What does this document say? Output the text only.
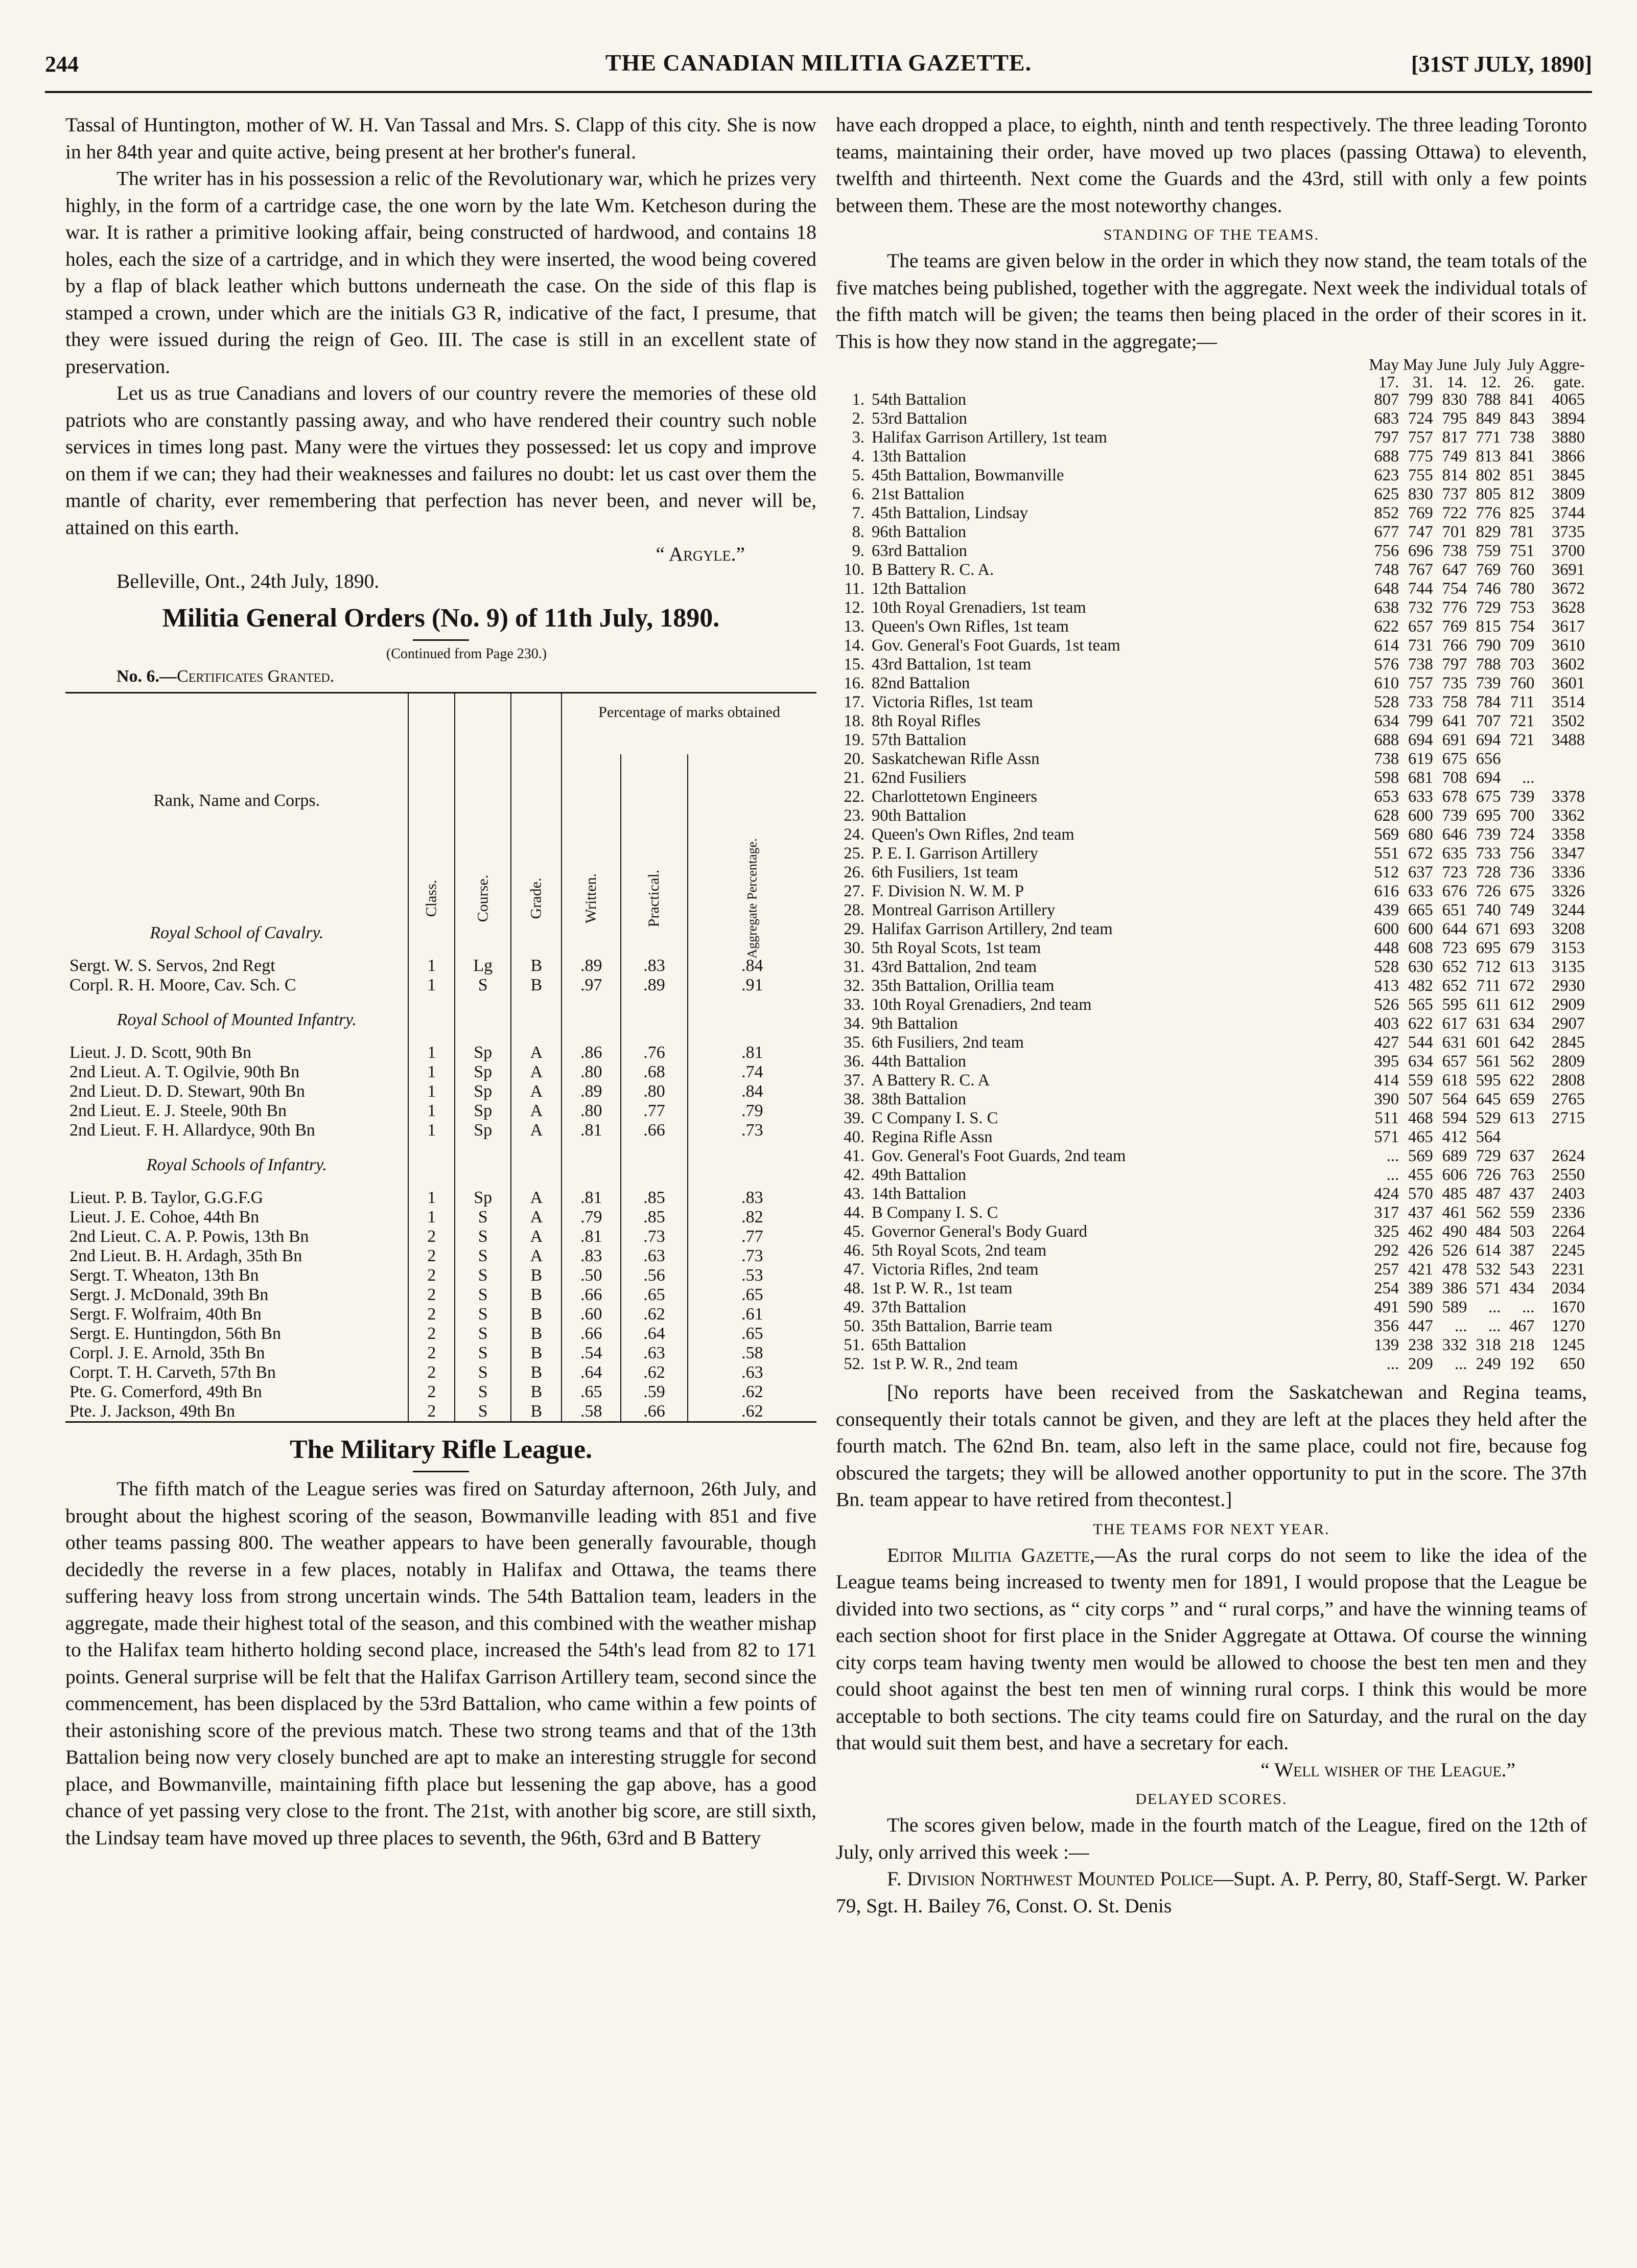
244	THE CANADIAN MILITIA GAZETTE.	[31ST JULY, 1890]

Tassal of Huntington, mother of W. H. Van Tassal and Mrs. S. Clapp of this city. She is now in her 84th year and quite active, being present at her brother's funeral.

The writer has in his possession a relic of the Revolutionary war, which he prizes very highly, in the form of a cartridge case, the one worn by the late Wm. Ketcheson during the war. It is rather a primitive looking affair, being constructed of hardwood, and contains 18 holes, each the size of a cartridge, and in which they were inserted, the wood being covered by a flap of black leather which buttons underneath the case. On the side of this flap is stamped a crown, under which are the initials G3 R, indicative of the fact, I presume, that they were issued during the reign of Geo. III. The case is still in an excellent state of preservation.

Let us as true Canadians and lovers of our country revere the memories of these old patriots who are constantly passing away, and who have rendered their country such noble services in times long past. Many were the virtues they possessed: let us copy and improve on them if we can; they had their weaknesses and failures no doubt: let us cast over them the mantle of charity, ever remembering that perfection has never been, and never will be, attained on this earth.

“ Argyle.”

Belleville, Ont., 24th July, 1890.

Militia General Orders (No. 9) of 11th July, 1890.

(Continued from Page 230.)

No. 6.—Certificates Granted.

Rank, Name and Corps.	Class.	Course.	Grade.	Percentage of marks obtained		
				Written.	Practical.	Aggregate Percentage.
Royal School of Cavalry.						
Sergt. W. S. Servos, 2nd Regt	1	Lg	B	.89	.83	.84
Corpl. R. H. Moore, Cav. Sch. C	1	S	B	.97	.89	.91
Royal School of Mounted Infantry.						
Lieut. J. D. Scott, 90th Bn	1	Sp	A	.86	.76	.81
2nd Lieut. A. T. Ogilvie, 90th Bn	1	Sp	A	.80	.68	.74
2nd Lieut. D. D. Stewart, 90th Bn	1	Sp	A	.89	.80	.84
2nd Lieut. E. J. Steele, 90th Bn	1	Sp	A	.80	.77	.79
2nd Lieut. F. H. Allardyce, 90th Bn	1	Sp	A	.81	.66	.73
Royal Schools of Infantry.						
Lieut. P. B. Taylor, G.G.F.G	1	Sp	A	.81	.85	.83
Lieut. J. E. Cohoe, 44th Bn	1	S	A	.79	.85	.82
2nd Lieut. C. A. P. Powis, 13th Bn	2	S	A	.81	.73	.77
2nd Lieut. B. H. Ardagh, 35th Bn	2	S	A	.83	.63	.73
Sergt. T. Wheaton, 13th Bn	2	S	B	.50	.56	.53
Sergt. J. McDonald, 39th Bn	2	S	B	.66	.65	.65
Sergt. F. Wolfraim, 40th Bn	2	S	B	.60	.62	.61
Sergt. E. Huntingdon, 56th Bn	2	S	B	.66	.64	.65
Corpl. J. E. Arnold, 35th Bn	2	S	B	.54	.63	.58
Corpt. T. H. Carveth, 57th Bn	2	S	B	.64	.62	.63
Pte. G. Comerford, 49th Bn	2	S	B	.65	.59	.62
Pte. J. Jackson, 49th Bn	2	S	B	.58	.66	.62
The Military Rifle League.

The fifth match of the League series was fired on Saturday afternoon, 26th July, and brought about the highest scoring of the season, Bowmanville leading with 851 and five other teams passing 800. The weather appears to have been generally favourable, though decidedly the reverse in a few places, notably in Halifax and Ottawa, the teams there suffering heavy loss from strong uncertain winds. The 54th Battalion team, leaders in the aggregate, made their highest total of the season, and this combined with the weather mishap to the Halifax team hitherto holding second place, increased the 54th's lead from 82 to 171 points. General surprise will be felt that the Halifax Garrison Artillery team, second since the commencement, has been displaced by the 53rd Battalion, who came within a few points of their astonishing score of the previous match. These two strong teams and that of the 13th Battalion being now very closely bunched are apt to make an interesting struggle for second place, and Bowmanville, maintaining fifth place but lessening the gap above, has a good chance of yet passing very close to the front. The 21st, with another big score, are still sixth, the Lindsay team have moved up three places to seventh, the 96th, 63rd and B Battery

have each dropped a place, to eighth, ninth and tenth respectively. The three leading Toronto teams, maintaining their order, have moved up two places (passing Ottawa) to eleventh, twelfth and thirteenth. Next come the Guards and the 43rd, still with only a few points between them. These are the most noteworthy changes.

STANDING OF THE TEAMS.

The teams are given below in the order in which they now stand, the team totals of the five matches being published, together with the aggregate. Next week the individual totals of the fifth match will be given; the teams then being placed in the order of their scores in it. This is how they now stand in the aggregate;—

		May	May	June	July	July	Aggre-
		17.	31.	14.	12.	26.	gate.
1.	54th Battalion	807	799	830	788	841	4065
2.	53rd Battalion	683	724	795	849	843	3894
3.	Halifax Garrison Artillery, 1st team	797	757	817	771	738	3880
4.	13th Battalion	688	775	749	813	841	3866
5.	45th Battalion, Bowmanville	623	755	814	802	851	3845
6.	21st Battalion	625	830	737	805	812	3809
7.	45th Battalion, Lindsay	852	769	722	776	825	3744
8.	96th Battalion	677	747	701	829	781	3735
9.	63rd Battalion	756	696	738	759	751	3700
10.	B Battery R. C. A.	748	767	647	769	760	3691
11.	12th Battalion	648	744	754	746	780	3672
12.	10th Royal Grenadiers, 1st team	638	732	776	729	753	3628
13.	Queen's Own Rifles, 1st team	622	657	769	815	754	3617
14.	Gov. General's Foot Guards, 1st team	614	731	766	790	709	3610
15.	43rd Battalion, 1st team	576	738	797	788	703	3602
16.	82nd Battalion	610	757	735	739	760	3601
17.	Victoria Rifles, 1st team	528	733	758	784	711	3514
18.	8th Royal Rifles	634	799	641	707	721	3502
19.	57th Battalion	688	694	691	694	721	3488
20.	Saskatchewan Rifle Assn	738	619	675	656		
21.	62nd Fusiliers	598	681	708	694	...	
22.	Charlottetown Engineers	653	633	678	675	739	3378
23.	90th Battalion	628	600	739	695	700	3362
24.	Queen's Own Rifles, 2nd team	569	680	646	739	724	3358
25.	P. E. I. Garrison Artillery	551	672	635	733	756	3347
26.	6th Fusiliers, 1st team	512	637	723	728	736	3336
27.	F. Division N. W. M. P	616	633	676	726	675	3326
28.	Montreal Garrison Artillery	439	665	651	740	749	3244
29.	Halifax Garrison Artillery, 2nd team	600	600	644	671	693	3208
30.	5th Royal Scots, 1st team	448	608	723	695	679	3153
31.	43rd Battalion, 2nd team	528	630	652	712	613	3135
32.	35th Battalion, Orillia team	413	482	652	711	672	2930
33.	10th Royal Grenadiers, 2nd team	526	565	595	611	612	2909
34.	9th Battalion	403	622	617	631	634	2907
35.	6th Fusiliers, 2nd team	427	544	631	601	642	2845
36.	44th Battalion	395	634	657	561	562	2809
37.	A Battery R. C. A	414	559	618	595	622	2808
38.	38th Battalion	390	507	564	645	659	2765
39.	C Company I. S. C	511	468	594	529	613	2715
40.	Regina Rifle Assn	571	465	412	564		
41.	Gov. General's Foot Guards, 2nd team	...	569	689	729	637	2624
42.	49th Battalion	...	455	606	726	763	2550
43.	14th Battalion	424	570	485	487	437	2403
44.	B Company I. S. C	317	437	461	562	559	2336
45.	Governor General's Body Guard	325	462	490	484	503	2264
46.	5th Royal Scots, 2nd team	292	426	526	614	387	2245
47.	Victoria Rifles, 2nd team	257	421	478	532	543	2231
48.	1st P. W. R., 1st team	254	389	386	571	434	2034
49.	37th Battalion	491	590	589	...	...	1670
50.	35th Battalion, Barrie team	356	447	...	...	467	1270
51.	65th Battalion	139	238	332	318	218	1245
52.	1st P. W. R., 2nd team	...	209	...	249	192	650

[No reports have been received from the Saskatchewan and Regina teams, consequently their totals cannot be given, and they are left at the places they held after the fourth match. The 62nd Bn. team, also left in the same place, could not fire, because fog obscured the targets; they will be allowed another opportunity to put in the score. The 37th Bn. team appear to have retired from thecontest.]

THE TEAMS FOR NEXT YEAR.

Editor Militia Gazette,—As the rural corps do not seem to like the idea of the League teams being increased to twenty men for 1891, I would propose that the League be divided into two sections, as “ city corps ” and “ rural corps,” and have the winning teams of each section shoot for first place in the Snider Aggregate at Ottawa. Of course the winning city corps team having twenty men would be allowed to choose the best ten men and they could shoot against the best ten men of winning rural corps. I think this would be more acceptable to both sections. The city teams could fire on Saturday, and the rural on the day that would suit them best, and have a secretary for each.

“ Well wisher of the League.”

DELAYED SCORES.

The scores given below, made in the fourth match of the League, fired on the 12th of July, only arrived this week :—

F. Division Northwest Mounted Police—Supt. A. P. Perry, 80, Staff-Sergt. W. Parker 79, Sgt. H. Bailey 76, Const. O. St. Denis
